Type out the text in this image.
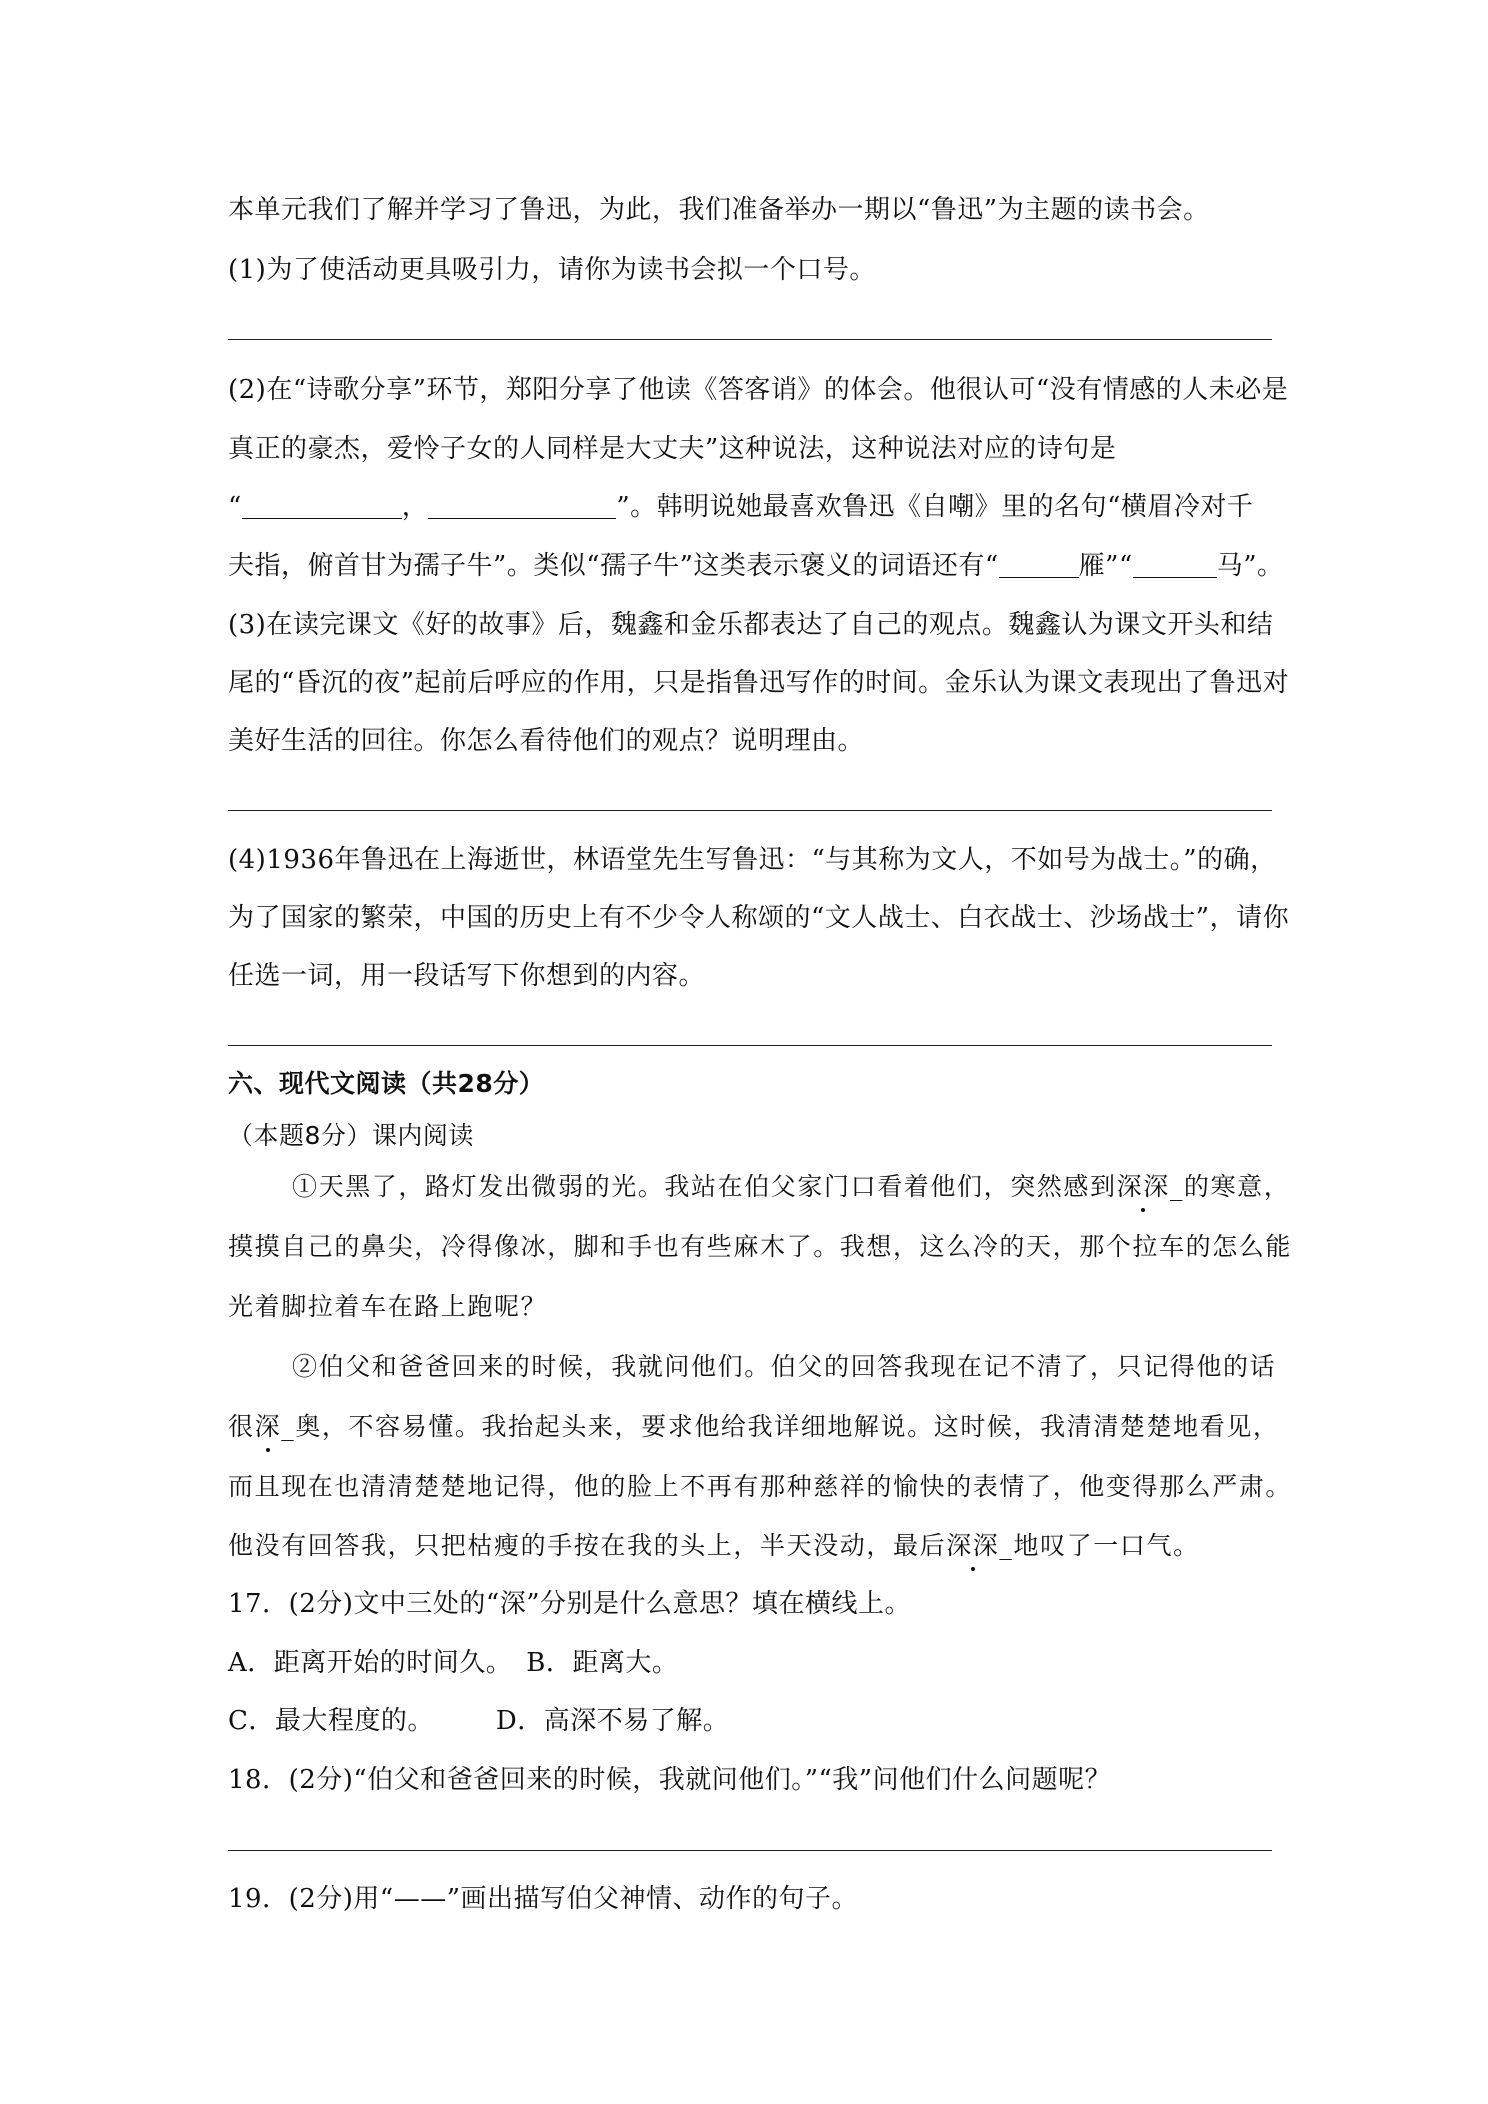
本单元我们了解并学习了鲁迅，为此，我们准备举办一期以“鲁迅”为主题的读书会。
(1)为了使活动更具吸引力，请你为读书会拟一个口号。
(2)在“诗歌分享”环节，郑阳分享了他读《答客诮》的体会。他很认可“没有情感的人未必是
真正的豪杰，爱怜子女的人同样是大丈夫”这种说法，这种说法对应的诗句是
“	，	”。韩明说她最喜欢鲁迅《自嘲》里的名句“横眉冷对千
夫指，俯首甘为孺子牛”。类似“孺子牛”这类表示褒义的词语还有“	雁”“	马”。
(3)在读完课文《好的故事》后，魏鑫和金乐都表达了自己的观点。魏鑫认为课文开头和结
尾的“昏沉的夜”起前后呼应的作用，只是指鲁迅写作的时间。金乐认为课文表现出了鲁迅对
美好生活的回往。你怎么看待他们的观点？说明理由。
(4)1936年鲁迅在上海逝世，林语堂先生写鲁迅：“与其称为文人，不如号为战士。”的确，
为了国家的繁荣，中国的历史上有不少令人称颂的“文人战士、白衣战士、沙场战士”，请你
任选一词，用一段话写下你想到的内容。
六、现代文阅读（共28分）
（本题8分）课内阅读
①天黑了，路灯发出微弱的光。我站在伯父家门口看着他们，突然感到深深_的寒意，
摸摸自己的鼻尖，冷得像冰，脚和手也有些麻木了。我想，这么冷的天，那个拉车的怎么能
光着脚拉着车在路上跑呢？
②伯父和爸爸回来的时候，我就问他们。伯父的回答我现在记不清了，只记得他的话
很深_奥，不容易懂。我抬起头来，要求他给我详细地解说。这时候，我清清楚楚地看见，
而且现在也清清楚楚地记得，他的脸上不再有那种慈祥的愉快的表情了，他变得那么严肃。
他没有回答我，只把枯瘦的手按在我的头上，半天没动，最后深深_地叹了一口气。
17．(2分)文中三处的“深”分别是什么意思？填在横线上。
A．距离开始的时间久。 B．距离大。
C．最大程度的。 D．高深不易了解。
18．(2分)“伯父和爸爸回来的时候，我就问他们。”“我”问他们什么问题呢？
19．(2分)用“——”画出描写伯父神情、动作的句子。
